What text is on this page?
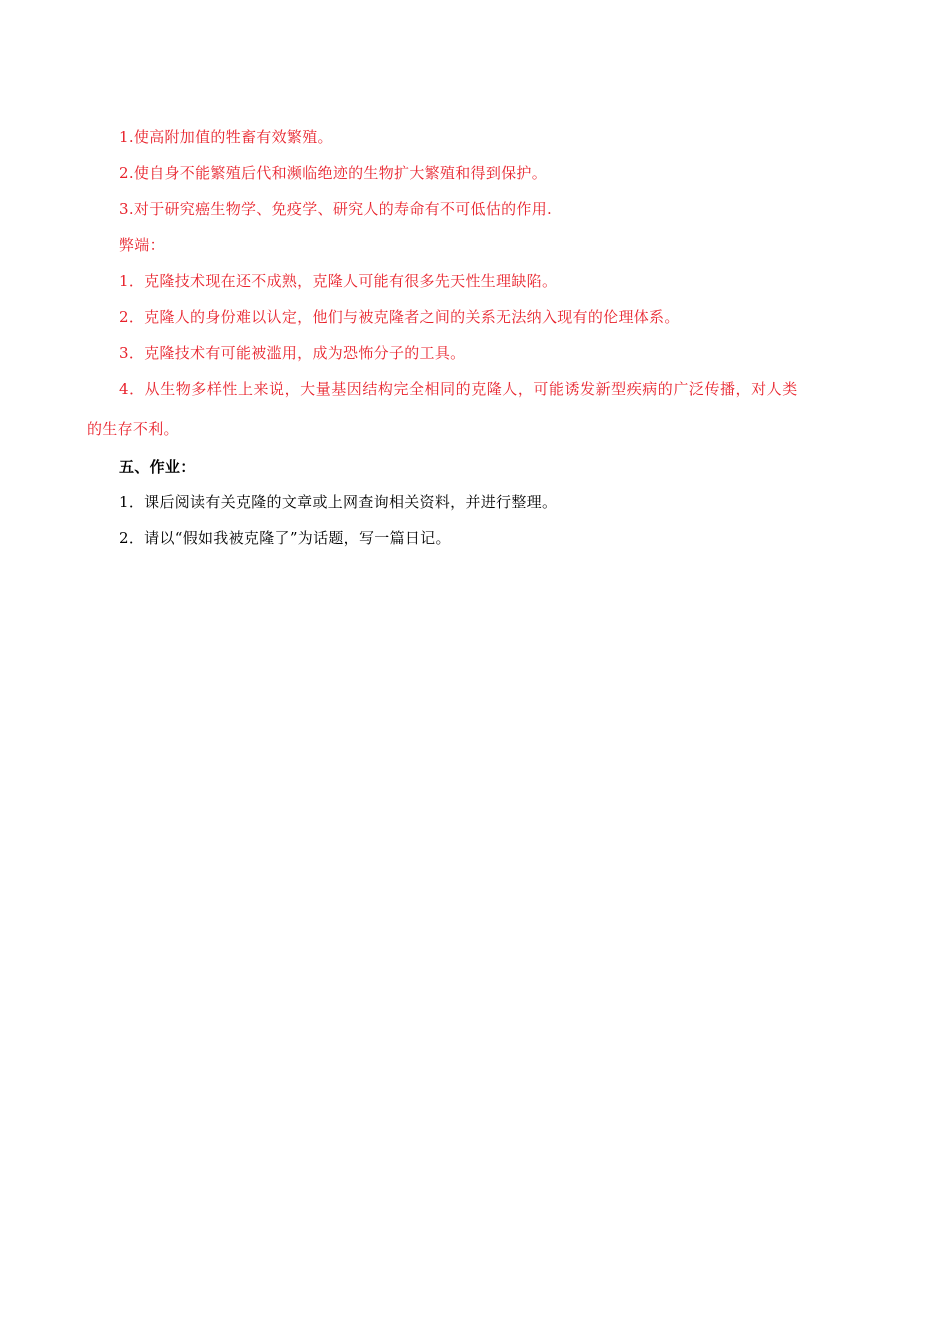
1.使高附加值的牲畜有效繁殖。
2.使自身不能繁殖后代和濒临绝迹的生物扩大繁殖和得到保护。
3.对于研究癌生物学、免疫学、研究人的寿命有不可低估的作用.
弊端：
1．克隆技术现在还不成熟，克隆人可能有很多先天性生理缺陷。
2．克隆人的身份难以认定，他们与被克隆者之间的关系无法纳入现有的伦理体系。
3．克隆技术有可能被滥用，成为恐怖分子的工具。
4．从生物多样性上来说，大量基因结构完全相同的克隆人，可能诱发新型疾病的广泛传播，对人类
的生存不利。
五、作业：
1．课后阅读有关克隆的文章或上网查询相关资料，并进行整理。
2．请以“假如我被克隆了”为话题，写一篇日记。
